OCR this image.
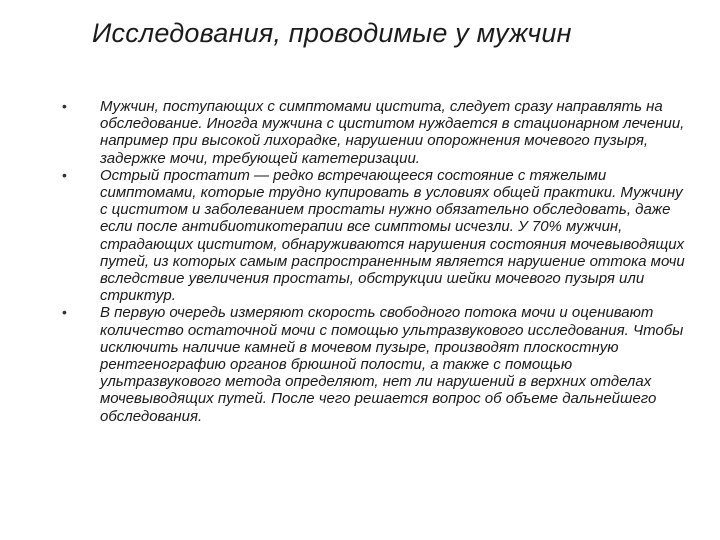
Исследования, проводимые у мужчин
•	Мужчин, поступающих с симптомами цистита, следует сразу направлять на обследование. Иногда мужчина с циститом нуждается в стационарном лечении, например при высокой лихорадке, нарушении опорожнения мочевого пузыря, задержке мочи, требующей катетеризации.
•	Острый простатит — редко встречающееся состояние с тяжелыми симптомами, которые трудно купировать в условиях общей практики. Мужчину с циститом и заболеванием простаты нужно обязательно обследовать, даже если после антибиотикотерапии все симптомы исчезли. У 70% мужчин, страдающих циститом, обнаруживаются нарушения состояния мочевыводящих путей, из которых самым распространенным является нарушение оттока мочи вследствие увеличения простаты, обструкции шейки мочевого пузыря или стриктур.
•	В первую очередь измеряют скорость свободного потока мочи и оценивают количество остаточной мочи с помощью ультразвукового исследования. Чтобы исключить наличие камней в мочевом пузыре, производят плоскостную рентгенографию органов брюшной полости, а также с помощью ультразвукового метода определяют, нет ли нарушений в верхних отделах мочевыводящих путей. После чего решается вопрос об объеме дальнейшего обследования.
